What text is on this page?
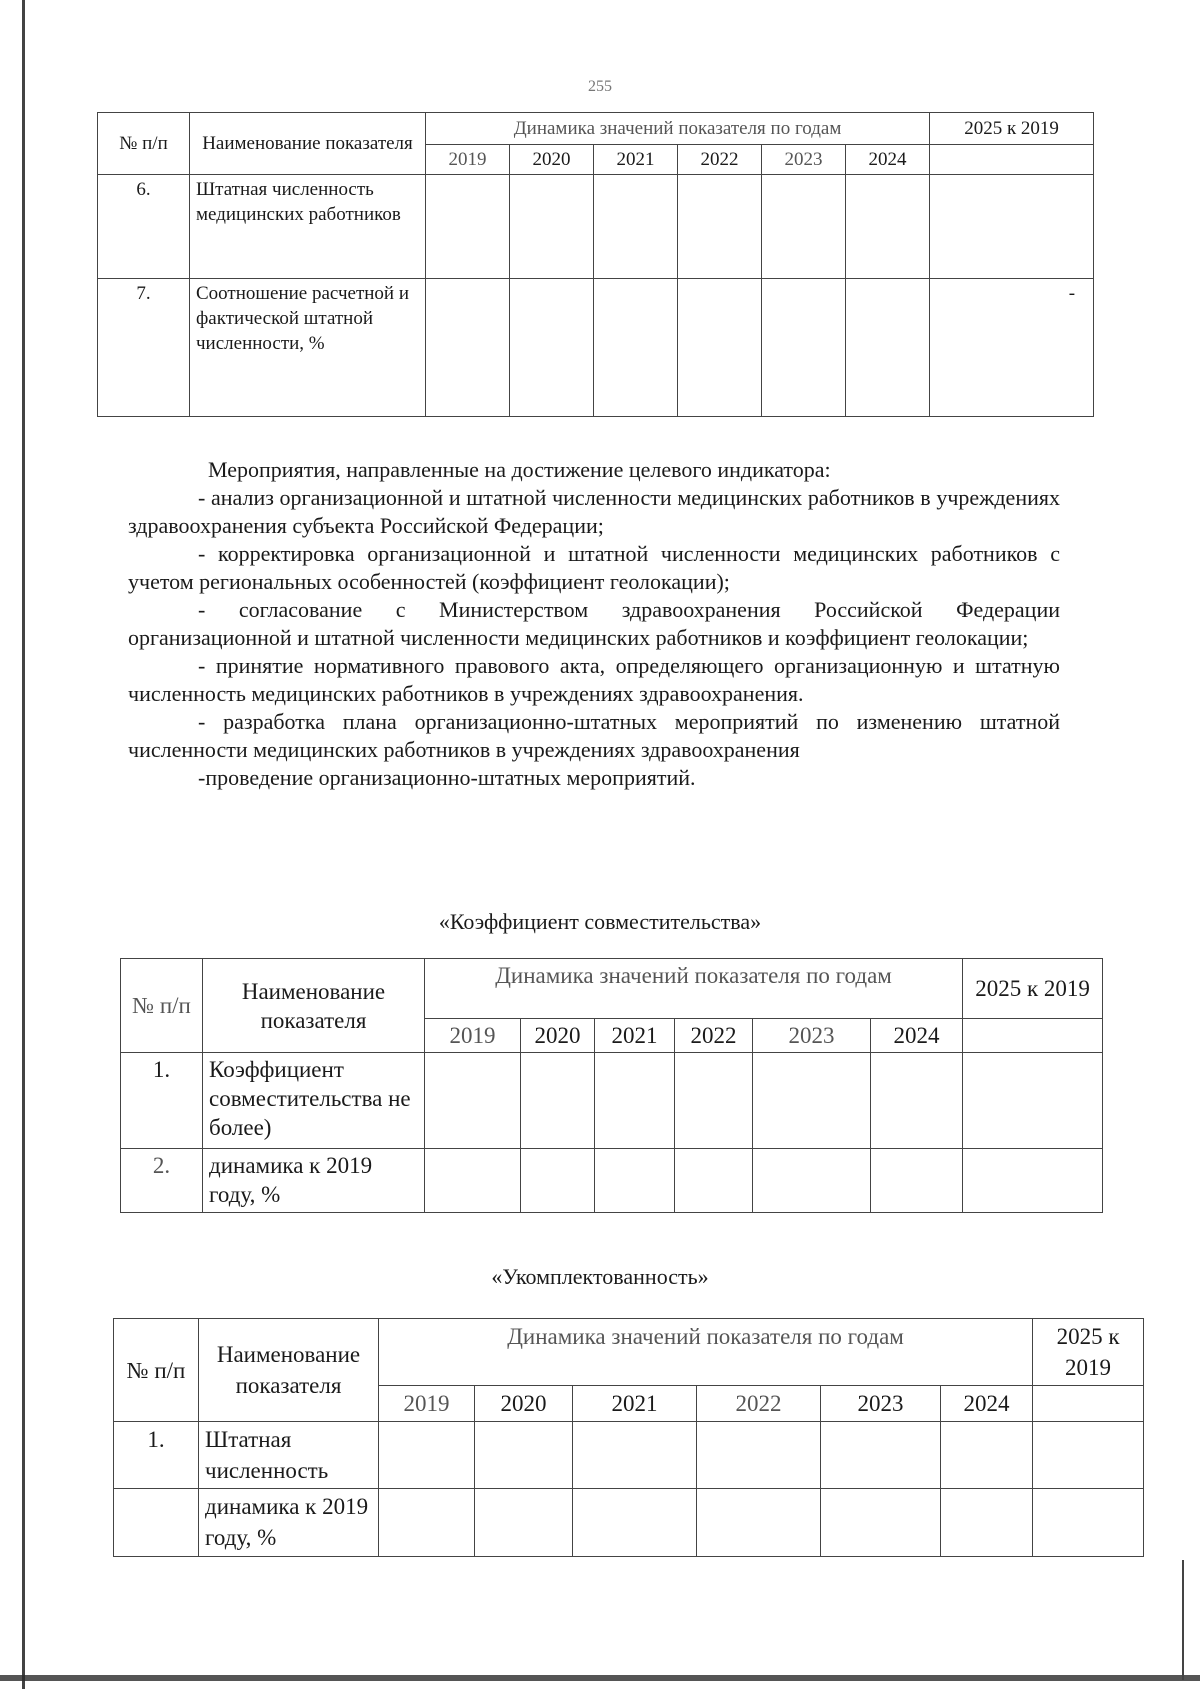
255
№ п/п	Наименование показателя	Динамика значений показателя по годам						2025 к 2019
		2019	2020	2021	2022	2023	2024	
6.	Штатная численность медицинских работников							
7.	Соотношение расчетной и фактической штатной численности, %							-

Мероприятия, направленные на достижение целевого индикатора:

- анализ организационной и штатной численности медицинских работников в учреждениях здравоохранения субъекта Российской Федерации;

- корректировка организационной и штатной численности медицинских работников с учетом региональных особенностей (коэффициент геолокации);

- согласование с Министерством здравоохранения Российской Федерации организационной и штатной численности медицинских работников и коэффициент геолокации;

- принятие нормативного правового акта, определяющего организационную и штатную численность медицинских работников в учреждениях здравоохранения.

- разработка плана организационно-штатных мероприятий по изменению штатной численности медицинских работников в учреждениях здравоохранения

-проведение организационно-штатных мероприятий.

«Коэффициент совместительства»
№ п/п	Наименование показателя	Динамика значений показателя по годам						2025 к 2019
		2019	2020	2021	2022	2023	2024	
1.	Коэффициент совместительства не более)							
2.	динамика к 2019 году, %							
«Укомплектованность»
№ п/п	Наименование показателя	Динамика значений показателя по годам						2025 к 2019
		2019	2020	2021	2022	2023	2024	
1.	Штатная численность							
	динамика к 2019 году, %							
